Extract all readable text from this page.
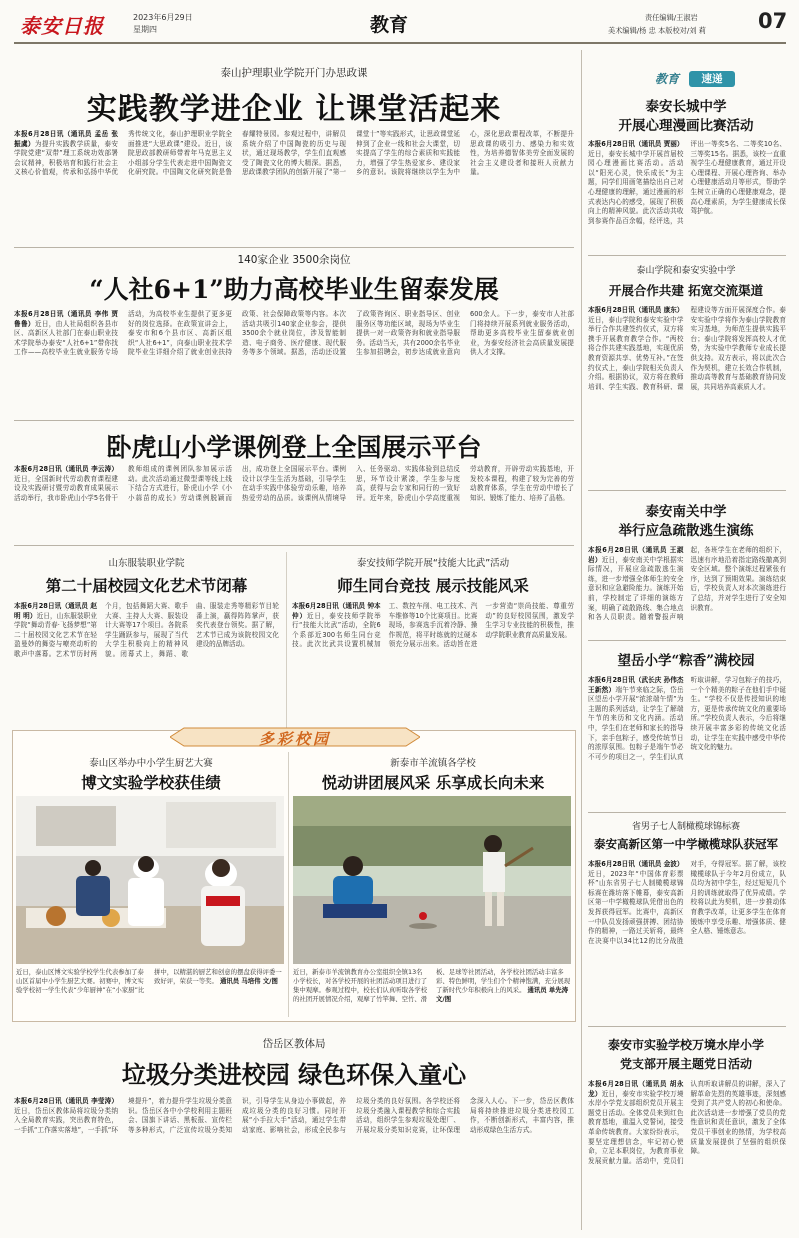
泰安日报	2023年6月29日
星期四	教育	责任编辑/王淑岩
美术编辑/杨 忠 本版校对/刘 莉 07
泰山护理职业学院开门办思政课
实践教学进企业 让课堂活起来
本报6月28日讯（通讯员 孟岳 张 振虞）为提升实践教学质量，泰安学院党建“双带”理工系统功效部署会议精神，积极培育和践行社会主义核心价值观，传承和弘扬中华优秀传统文化，泰山护理职业学院全面推进“大思政课”建设。近日，该院思政部教研师带着年马克思主义小组部分学生代表走进中国陶瓷文化研究院。中国陶文化研究院是鲁春耀特景园。参观过程中，讲解员系统介绍了中国陶瓷的历史与现状，通过现场教学，学生们直观感受了陶瓷文化的博大精深。据悉，思政课教学团队的创新开展了“第一课堂十”等实践形式，让思政课堂延伸到了企业一线和社会大课堂，切实提高了学生的综合素质和实践能力，增强了学生热爱家乡、建设家乡的意识。该院将继续以学生为中心，深化思政课程改革，不断提升思政课的吸引力、感染力和实效性，为培养德智体美劳全面发展的社会主义建设者和接班人贡献力量。
140家企业 3500余岗位
“人社6+1”助力高校毕业生留泰发展
本报6月28日讯（通讯员 李伟 贾鲁鲁）近日，由人社局组织各县市区、高新区人社部门在泰山职业技术学院举办泰安“人社6+1”带你找工作——高校毕业生就业服务专场活动，为高校毕业生提供了更多更好的岗位选择。在政策宣讲会上，泰安市和6个县市区、高新区组织“人社6+1”，向泰山职业技术学院毕业生详细介绍了就业创业扶持政策、社会保障政策等内容。本次活动共吸引140家企业参会，提供3500余个就业岗位，涉及智能制造、电子商务、医疗健康、现代服务等多个领域。据悉，活动还设置了政策咨询区、职业指导区、创业服务区等功能区域，现场为毕业生提供一对一政策咨询和就业指导服务。活动当天，共有2000余名毕业生参加招聘会，初步达成就业意向600余人。下一步，泰安市人社部门将持续开展系列就业服务活动，帮助更多高校毕业生留泰就业创业，为泰安经济社会高质量发展提供人才支撑。
卧虎山小学课例登上全国展示平台
本报6月28日讯（通讯员 李云涛）近日，全国新时代劳动教育课程建设及实践研讨暨劳动教育成果展示活动举行，我市卧虎山小学5名骨干教师组成的课例团队参加展示活动。此次活动通过微型课等线上线下结合方式进行，卧虎山小学《小小蒜苗的成长》劳动课例脱颖而出，成功登上全国展示平台。课例设计以学生生活为基础，引导学生在动手实践中体验劳动乐趣，培养热爱劳动的品质。该课例从情境导入、任务驱动、实践体验到总结反思，环节设计紧凑，学生参与度高，获得与会专家和同行的一致好评。近年来，卧虎山小学高度重视劳动教育，开辟劳动实践基地，开发校本课程，构建了较为完善的劳动教育体系，学生在劳动中增长了知识、锻炼了能力、培养了品格。
山东服装职业学院
第二十届校园文化艺术节闭幕
本报6月28日讯（通讯员 赵明 明）近日，山东服装职业学院“舞动青春·飞扬梦想”第二十届校园文化艺术节在轻盈曼妙的舞姿与嘹亮动听的歌声中落幕。艺术节历时两个月，包括舞蹈大赛、歌手大赛、主持人大赛、服装设计大赛等17个项目。各院系学生踊跃参与，展现了当代大学生积极向上的精神风貌。闭幕式上，舞蹈、歌曲、服装走秀等精彩节目轮番上演，赢得阵阵掌声，获奖代表登台领奖。据了解，艺术节已成为该院校园文化建设的品牌活动。
泰安技师学院开展“技能大比武”活动
师生同台竞技 展示技能风采
本报6月28日讯（通讯员 钟本 仲）近日，泰安技师学院举行“技能大比武”活动，全院6个系部近300名师生同台竞技。此次比武共设置机械加工、数控车削、电工技术、汽车维修等10个比赛项目。比赛现场，参赛选手沉着冷静、操作规范，将平时练就的过硬本领充分展示出来。活动旨在进一步营造“崇尚技能、尊重劳动”的良好校园氛围，激发学生学习专业技能的积极性，推动学院职业教育高质量发展。
多彩校园
泰山区举办中小学生厨艺大赛
博文实验学校获佳绩
近日，泰山区博文实验学校学生代表参加了泰山区首届中小学生厨艺大赛。初赛中，博文实验学校初一学生代表“少年厨神”在“小家厨”比拼中，以精湛的厨艺和创意的摆盘获得评委一致好评，荣获一等奖。 通讯员 马培伟 文/图
新泰市羊流镇各学校
悦动讲团展风采 乐享成长向未来
近日，新泰市羊流镇教育办公室组织全镇13名小学校长，对各学校开展的社团活动项目进行了集中观摩。参观过程中，校长们认真听取各学校的社团开展情况介绍，观摩了竹竿舞、空竹、滑板、足球等社团活动，各学校社团活动丰富多彩、特色鲜明，学生们个个精神饱满，充分展现了新时代少年积极向上的风采。 通讯员 单先涛 文/图
岱岳区教体局
垃圾分类进校园 绿色环保入童心
本报6月28日讯（通讯员 李莹涛）近日，岱岳区教体局将垃圾分类纳入全局教育实践，突出教育特色，一手抓“工作落实落地”，一手抓“环境提升”，着力提升学生垃圾分类意识。岱岳区各中小学校利用主题班会、国旗下讲话、黑板报、宣传栏等多种形式，广泛宣传垃圾分类知识，引导学生从身边小事做起，养成垃圾分类的良好习惯。同时开展“小手拉大手”活动，通过学生带动家庭、影响社会，形成全民参与垃圾分类的良好氛围。各学校还将垃圾分类融入课程教学和综合实践活动，组织学生参观垃圾处理厂、开展垃圾分类知识竞赛，让环保理念深入人心。下一步，岱岳区教体局将持续推进垃圾分类进校园工作，不断创新形式，丰富内容，推动形成绿色生活方式。
教育	速递
泰安长城中学
开展心理漫画比赛活动
本报6月28日讯（通讯员 贾丽）近日，泰安长城中学开展首届校园心理漫画比赛活动。活动以“阳光心灵，快乐成长”为主题，同学们用画笔描绘出自己对心理健康的理解，通过漫画的形式表达内心的感受，展现了积极向上的精神风貌。此次活动共收到参赛作品百余幅，经评选，共评出一等奖5名、二等奖10名、三等奖15名。据悉，该校一直重视学生心理健康教育，通过开设心理课程、开展心理咨询、举办心理健康活动月等形式，帮助学生树立正确的心理健康观念，提高心理素质，为学生健康成长保驾护航。
泰山学院和泰安实验中学
开展合作共建 拓宽交流渠道
本报6月28日讯（通讯员 康东）近日，泰山学院和泰安实验中学举行合作共建签约仪式，双方将携手开展教育教学合作。“两校将合作共建实践基地，实现优质教育资源共享、优势互补。”在签约仪式上，泰山学院相关负责人介绍。根据协议，双方将在教师培训、学生实践、教育科研、课程建设等方面开展深度合作。泰安实验中学将作为泰山学院教育实习基地，为师范生提供实践平台；泰山学院将发挥高校人才优势，为实验中学教师专业成长提供支持。双方表示，将以此次合作为契机，建立长效合作机制，推动高等教育与基础教育协同发展，共同培养高素质人才。
泰安南关中学
举行应急疏散逃生演练
本报6月28日讯（通讯员 王淑岩）近日，泰安南关中学根据实际情况，开展应急疏散逃生演练，进一步增强全体师生的安全意识和应急避险能力。演练开始前，学校制定了详细的演练方案，明确了疏散路线、集合地点和各人员职责。随着警报声响起，各班学生在老师的组织下，迅速有序地沿着指定路线撤离到安全区域。整个演练过程紧张有序，达到了预期效果。演练结束后，学校负责人对本次演练进行了总结，并对学生进行了安全知识教育。
望岳小学“粽香”满校园
本报6月28日讯（武长庆 孙伟杰 王新然）端午节来临之际，岱岳区望岳小学开展“浓浓端午情”为主题的系列活动，让学生了解端午节的来历和文化内涵。活动中，学生们在老师和家长的指导下，亲手包粽子，感受传统节日的浓厚氛围。包粽子是端午节必不可少的项目之一，学生们认真听取讲解，学习包粽子的技巧，一个个精美的粽子在他们手中诞生。“学校不仅是传授知识的地方，更是传承传统文化的重要场所。”学校负责人表示，今后将继续开展丰富多彩的传统文化活动，让学生在实践中感受中华传统文化的魅力。
省男子七人制橄榄球锦标赛
泰安高新区第一中学橄榄球队获冠军
本报6月28日讯（通讯员 金波）近日，2023年“中国体育彩票杯”山东省男子七人制橄榄球锦标赛在潍坊落下帷幕，泰安高新区第一中学橄榄球队凭借出色的发挥获得冠军。比赛中，高新区一中队员发扬顽强拼搏、团结协作的精神，一路过关斩将，最终在决赛中以34比12的比分战胜对手，夺得冠军。据了解，该校橄榄球队于今年2月份成立，队员均为初中学生，经过短短几个月的训练就取得了优异成绩。学校将以此为契机，进一步推动体育教学改革，让更多学生在体育锻炼中享受乐趣、增强体质、健全人格、锤炼意志。
泰安市实验学校万境水岸小学
党支部开展主题党日活动
本报6月28日讯（通讯员 胡永龙）近日，泰安市实验学校万境水岸小学党支部组织党员开展主题党日活动。全体党员来到红色教育基地，重温入党誓词，接受革命传统教育。大家纷纷表示，要坚定理想信念，牢记初心使命，立足本职岗位，为教育事业发展贡献力量。活动中，党员们认真听取讲解员的讲解，深入了解革命先烈的英雄事迹，深刻感受到了共产党人的初心和使命。此次活动进一步增强了党员的党性意识和责任意识，激发了全体党员干事创业的热情，为学校高质量发展提供了坚强的组织保障。
